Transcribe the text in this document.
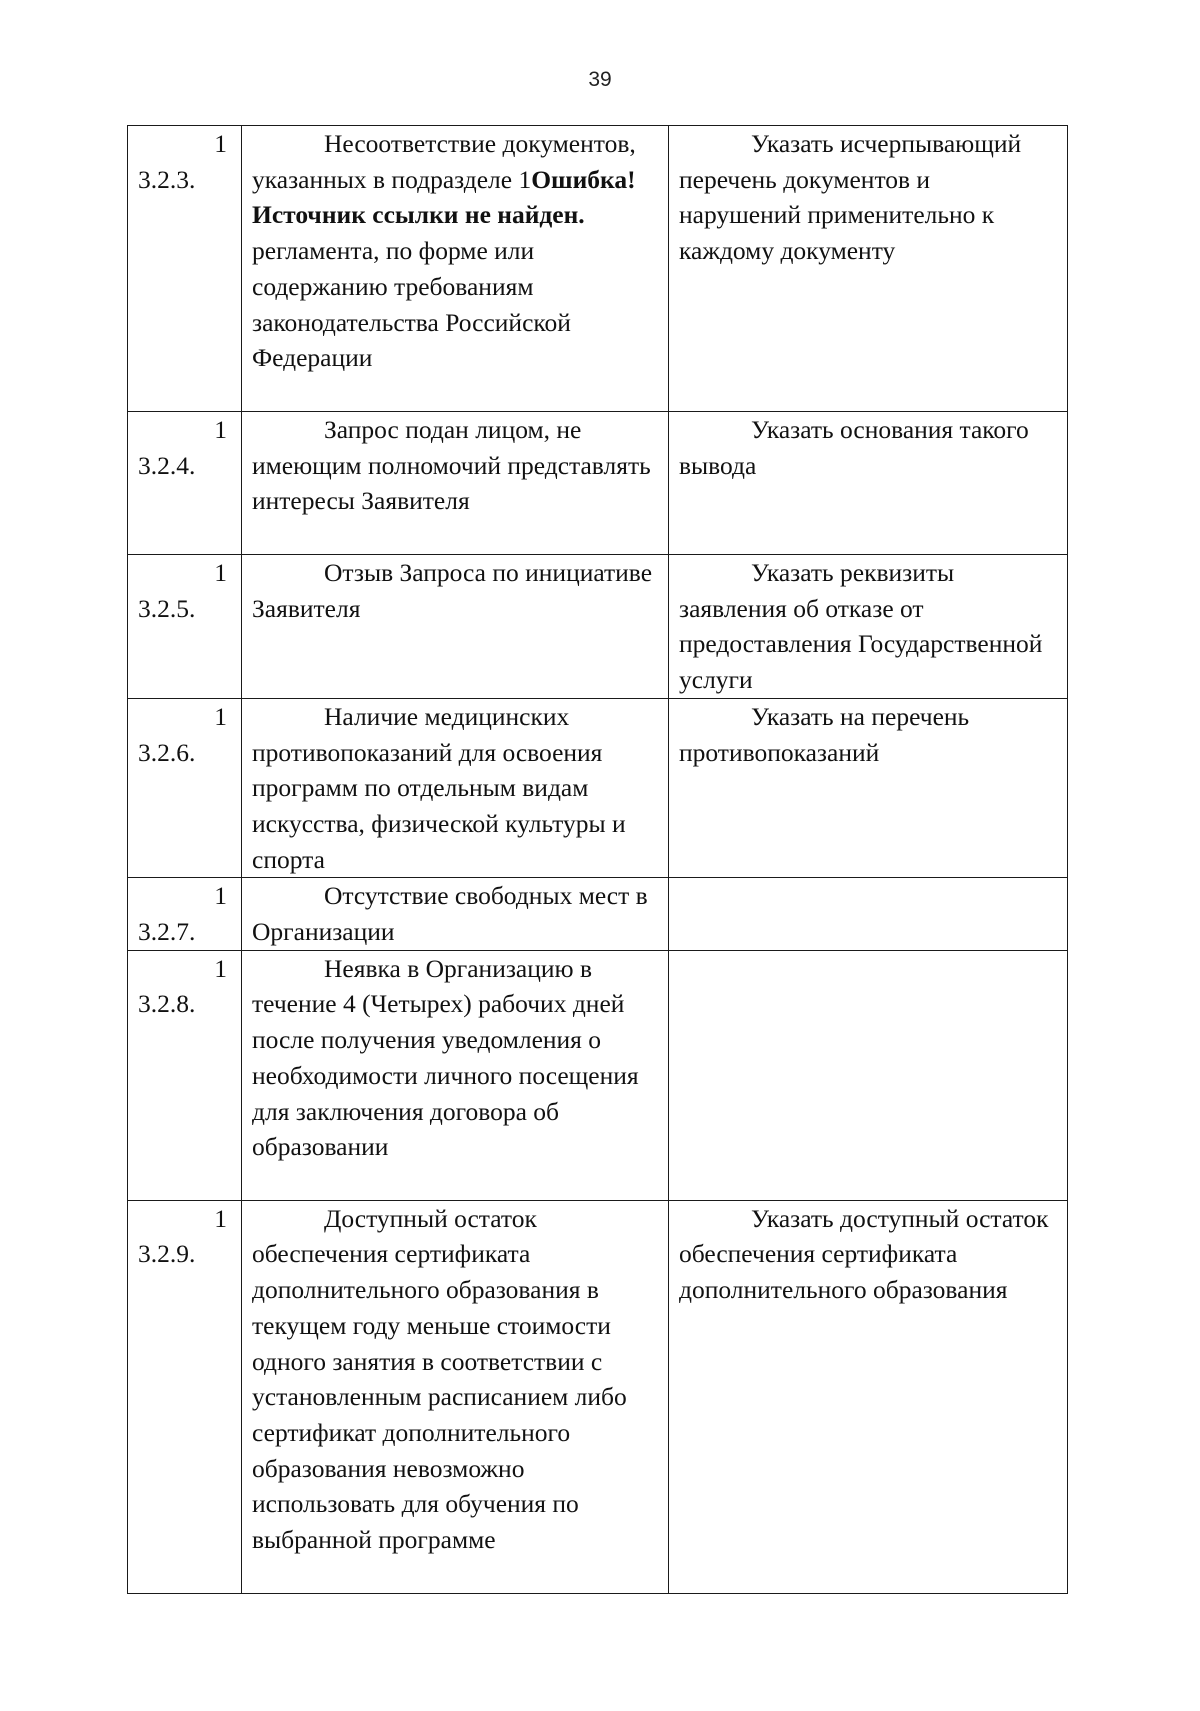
39
1
3.2.3.	Несоответствие документов, указанных в подразделе 1Ошибка! Источник ссылки не найден. регламента, по форме или содержанию требованиям законодательства Российской Федерации	Указать исчерпывающий перечень документов и нарушений применительно к каждому документу

1
3.2.4.	Запрос подан лицом, не имеющим полномочий представлять интересы Заявителя	Указать основания такого вывода

1
3.2.5.	Отзыв Запроса по инициативе Заявителя	Указать реквизиты заявления об отказе от предоставления Государственной услуги

1
3.2.6.	Наличие медицинских противопоказаний для освоения программ по отдельным видам искусства, физической культуры и спорта	Указать на перечень противопоказаний

1
3.2.7.	Отсутствие свободных мест в Организации	

1
3.2.8.	Неявка в Организацию в течение 4 (Четырех) рабочих дней после получения уведомления о необходимости личного посещения для заключения договора об образовании	

1
3.2.9.	Доступный остаток обеспечения сертификата дополнительного образования в текущем году меньше стоимости одного занятия в соответствии с установленным расписанием либо сертификат дополнительного образования невозможно использовать для обучения по выбранной программе	Указать доступный остаток обеспечения сертификата дополнительного образования
